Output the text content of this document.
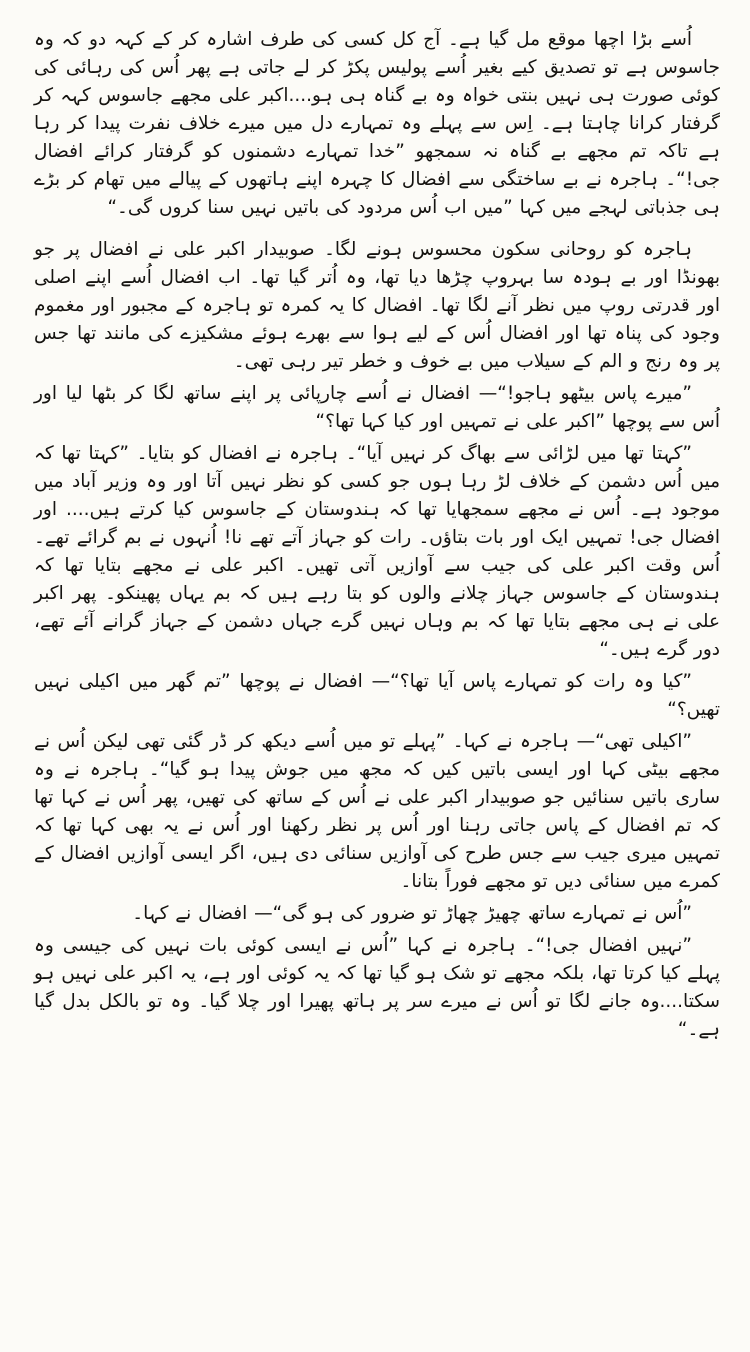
اُسے بڑا اچھا موقع مل گیا ہے۔ آج کل کسی کی طرف اشارہ کر کے کہہ دو کہ وہ جاسوس ہے تو تصدیق کیے بغیر اُسے پولیس پکڑ کر لے جاتی ہے پھر اُس کی رہائی کی کوئی صورت ہی نہیں بنتی خواہ وہ بے گناہ ہی ہو....اکبر علی مجھے جاسوس کہہ کر گرفتار کرانا چاہتا ہے۔ اِس سے پہلے وہ تمہارے دل میں میرے خلاف نفرت پیدا کر رہا ہے تاکہ تم مجھے بے گناہ نہ سمجھو ”خدا تمہارے دشمنوں کو گرفتار کرائے افضال جی!“۔ ہاجرہ نے بے ساختگی سے افضال کا چہرہ اپنے ہاتھوں کے پیالے میں تھام کر بڑے ہی جذباتی لہجے میں کہا ”میں اب اُس مردود کی باتیں نہیں سنا کروں گی۔“

ہاجرہ کو روحانی سکون محسوس ہونے لگا۔ صوبیدار اکبر علی نے افضال پر جو بھونڈا اور بے ہودہ سا بہروپ چڑھا دیا تھا، وہ اُتر گیا تھا۔ اب افضال اُسے اپنے اصلی اور قدرتی روپ میں نظر آنے لگا تھا۔ افضال کا یہ کمرہ تو ہاجرہ کے مجبور اور مغموم وجود کی پناہ تھا اور افضال اُس کے لیے ہوا سے بھرے ہوئے مشکیزے کی مانند تھا جس پر وہ رنج و الم کے سیلاب میں بے خوف و خطر تیر رہی تھی۔

”میرے پاس بیٹھو ہاجو!“— افضال نے اُسے چارپائی پر اپنے ساتھ لگا کر بٹھا لیا اور اُس سے پوچھا ”اکبر علی نے تمہیں اور کیا کہا تھا؟“

”کہتا تھا میں لڑائی سے بھاگ کر نہیں آیا“۔ ہاجرہ نے افضال کو بتایا۔ ”کہتا تھا کہ میں اُس دشمن کے خلاف لڑ رہا ہوں جو کسی کو نظر نہیں آتا اور وہ وزیر آباد میں موجود ہے۔ اُس نے مجھے سمجھایا تھا کہ ہندوستان کے جاسوس کیا کرتے ہیں.... اور افضال جی! تمہیں ایک اور بات بتاؤں۔ رات کو جہاز آتے تھے نا! اُنہوں نے بم گرائے تھے۔ اُس وقت اکبر علی کی جیب سے آوازیں آتی تھیں۔ اکبر علی نے مجھے بتایا تھا کہ ہندوستان کے جاسوس جہاز چلانے والوں کو بتا رہے ہیں کہ بم یہاں پھینکو۔ پھر اکبر علی نے ہی مجھے بتایا تھا کہ بم وہاں نہیں گرے جہاں دشمن کے جہاز گرانے آئے تھے، دور گرے ہیں۔“

”کیا وہ رات کو تمہارے پاس آیا تھا؟“— افضال نے پوچھا ”تم گھر میں اکیلی نہیں تھیں؟“

”اکیلی تھی“— ہاجرہ نے کہا۔ ”پہلے تو میں اُسے دیکھ کر ڈر گئی تھی لیکن اُس نے مجھے بیٹی کہا اور ایسی باتیں کیں کہ مجھ میں جوش پیدا ہو گیا“۔ ہاجرہ نے وہ ساری باتیں سنائیں جو صوبیدار اکبر علی نے اُس کے ساتھ کی تھیں، پھر اُس نے کہا تھا کہ تم افضال کے پاس جاتی رہنا اور اُس پر نظر رکھنا اور اُس نے یہ بھی کہا تھا کہ تمہیں میری جیب سے جس طرح کی آوازیں سنائی دی ہیں، اگر ایسی آوازیں افضال کے کمرے میں سنائی دیں تو مجھے فوراً بتانا۔

”اُس نے تمہارے ساتھ چھیڑ چھاڑ تو ضرور کی ہو گی“— افضال نے کہا۔

”نہیں افضال جی!“۔ ہاجرہ نے کہا ”اُس نے ایسی کوئی بات نہیں کی جیسی وہ پہلے کیا کرتا تھا، بلکہ مجھے تو شک ہو گیا تھا کہ یہ کوئی اور ہے، یہ اکبر علی نہیں ہو سکتا....وہ جانے لگا تو اُس نے میرے سر پر ہاتھ پھیرا اور چلا گیا۔ وہ تو بالکل بدل گیا ہے۔“
